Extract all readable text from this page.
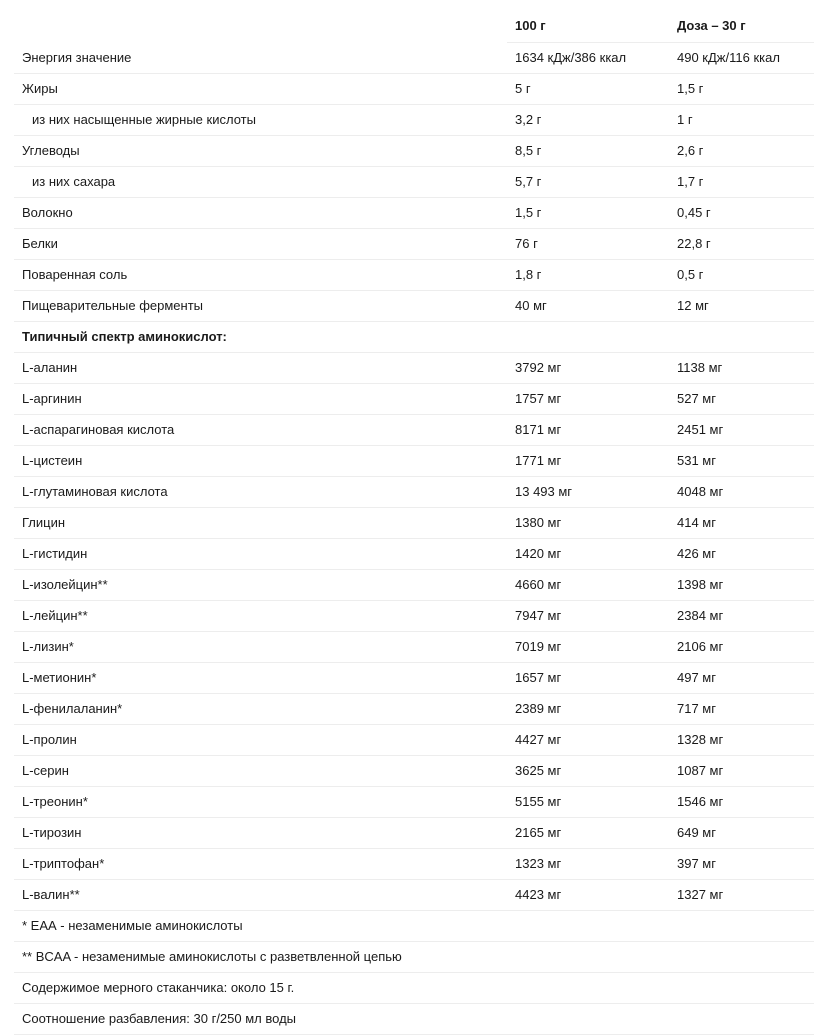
	100 г	Доза – 30 г
Энергия значение	1634 кДж/386 ккал	490 кДж/116 ккал
Жиры	5 г	1,5 г
из них насыщенные жирные кислоты	3,2 г	1 г
Углеводы	8,5 г	2,6 г
из них сахара	5,7 г	1,7 г
Волокно	1,5 г	0,45 г
Белки	76 г	22,8 г
Поваренная соль	1,8 г	0,5 г
Пищеварительные ферменты	40 мг	12 мг
Типичный спектр аминокислот:		
L-аланин	3792 мг	1138 мг
L-аргинин	1757 мг	527 мг
L-аспарагиновая кислота	8171 мг	2451 мг
L-цистеин	1771 мг	531 мг
L-глутаминовая кислота	13 493 мг	4048 мг
Глицин	1380 мг	414 мг
L-гистидин	1420 мг	426 мг
L-изолейцин**	4660 мг	1398 мг
L-лейцин**	7947 мг	2384 мг
L-лизин*	7019 мг	2106 мг
L-метионин*	1657 мг	497 мг
L-фенилаланин*	2389 мг	717 мг
L-пролин	4427 мг	1328 мг
L-серин	3625 мг	1087 мг
L-треонин*	5155 мг	1546 мг
L-тирозин	2165 мг	649 мг
L-триптофан*	1323 мг	397 мг
L-валин**	4423 мг	1327 мг
* ЕАА - незаменимые аминокислоты		
** BCAA - незаменимые аминокислоты с разветвленной цепью		
Содержимое мерного стаканчика: около 15 г.		
Соотношение разбавления: 30 г/250 мл воды		
